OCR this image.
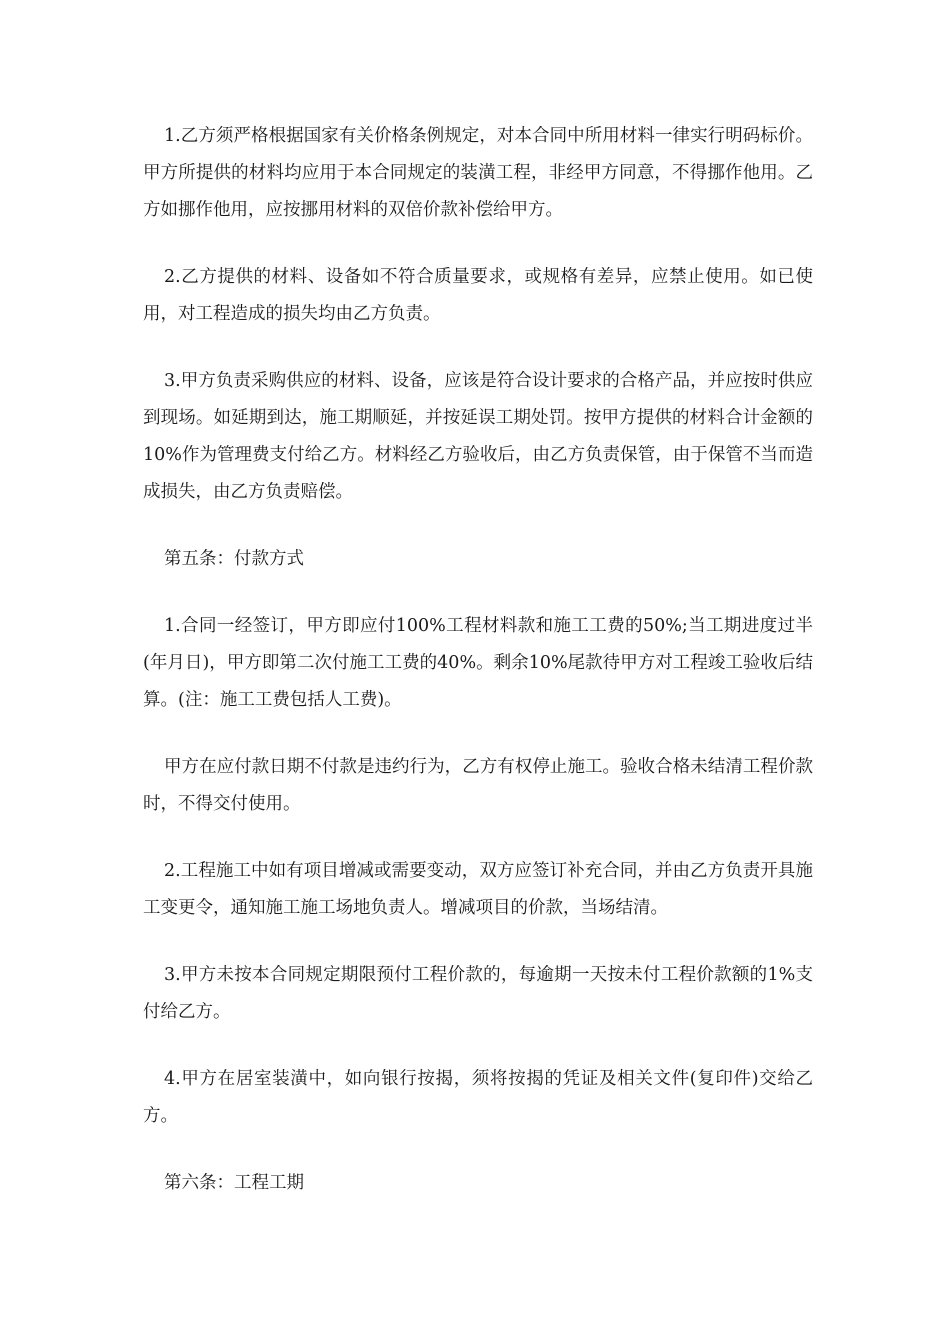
1.乙方须严格根据国家有关价格条例规定，对本合同中所用材料一律实行明码标价。甲方所提供的材料均应用于本合同规定的装潢工程，非经甲方同意，不得挪作他用。乙方如挪作他用，应按挪用材料的双倍价款补偿给甲方。

2.乙方提供的材料、设备如不符合质量要求，或规格有差异，应禁止使用。如已使用，对工程造成的损失均由乙方负责。

3.甲方负责采购供应的材料、设备，应该是符合设计要求的合格产品，并应按时供应到现场。如延期到达，施工期顺延，并按延误工期处罚。按甲方提供的材料合计金额的10%作为管理费支付给乙方。材料经乙方验收后，由乙方负责保管，由于保管不当而造成损失，由乙方负责赔偿。

第五条：付款方式

1.合同一经签订，甲方即应付100%工程材料款和施工工费的50%;当工期进度过半(年月日)，甲方即第二次付施工工费的40%。剩余10%尾款待甲方对工程竣工验收后结算。(注：施工工费包括人工费)。

甲方在应付款日期不付款是违约行为，乙方有权停止施工。验收合格未结清工程价款时，不得交付使用。

2.工程施工中如有项目增减或需要变动，双方应签订补充合同，并由乙方负责开具施工变更令，通知施工施工场地负责人。增减项目的价款，当场结清。

3.甲方未按本合同规定期限预付工程价款的，每逾期一天按未付工程价款额的1%支付给乙方。

4.甲方在居室装潢中，如向银行按揭，须将按揭的凭证及相关文件(复印件)交给乙方。

第六条：工程工期
